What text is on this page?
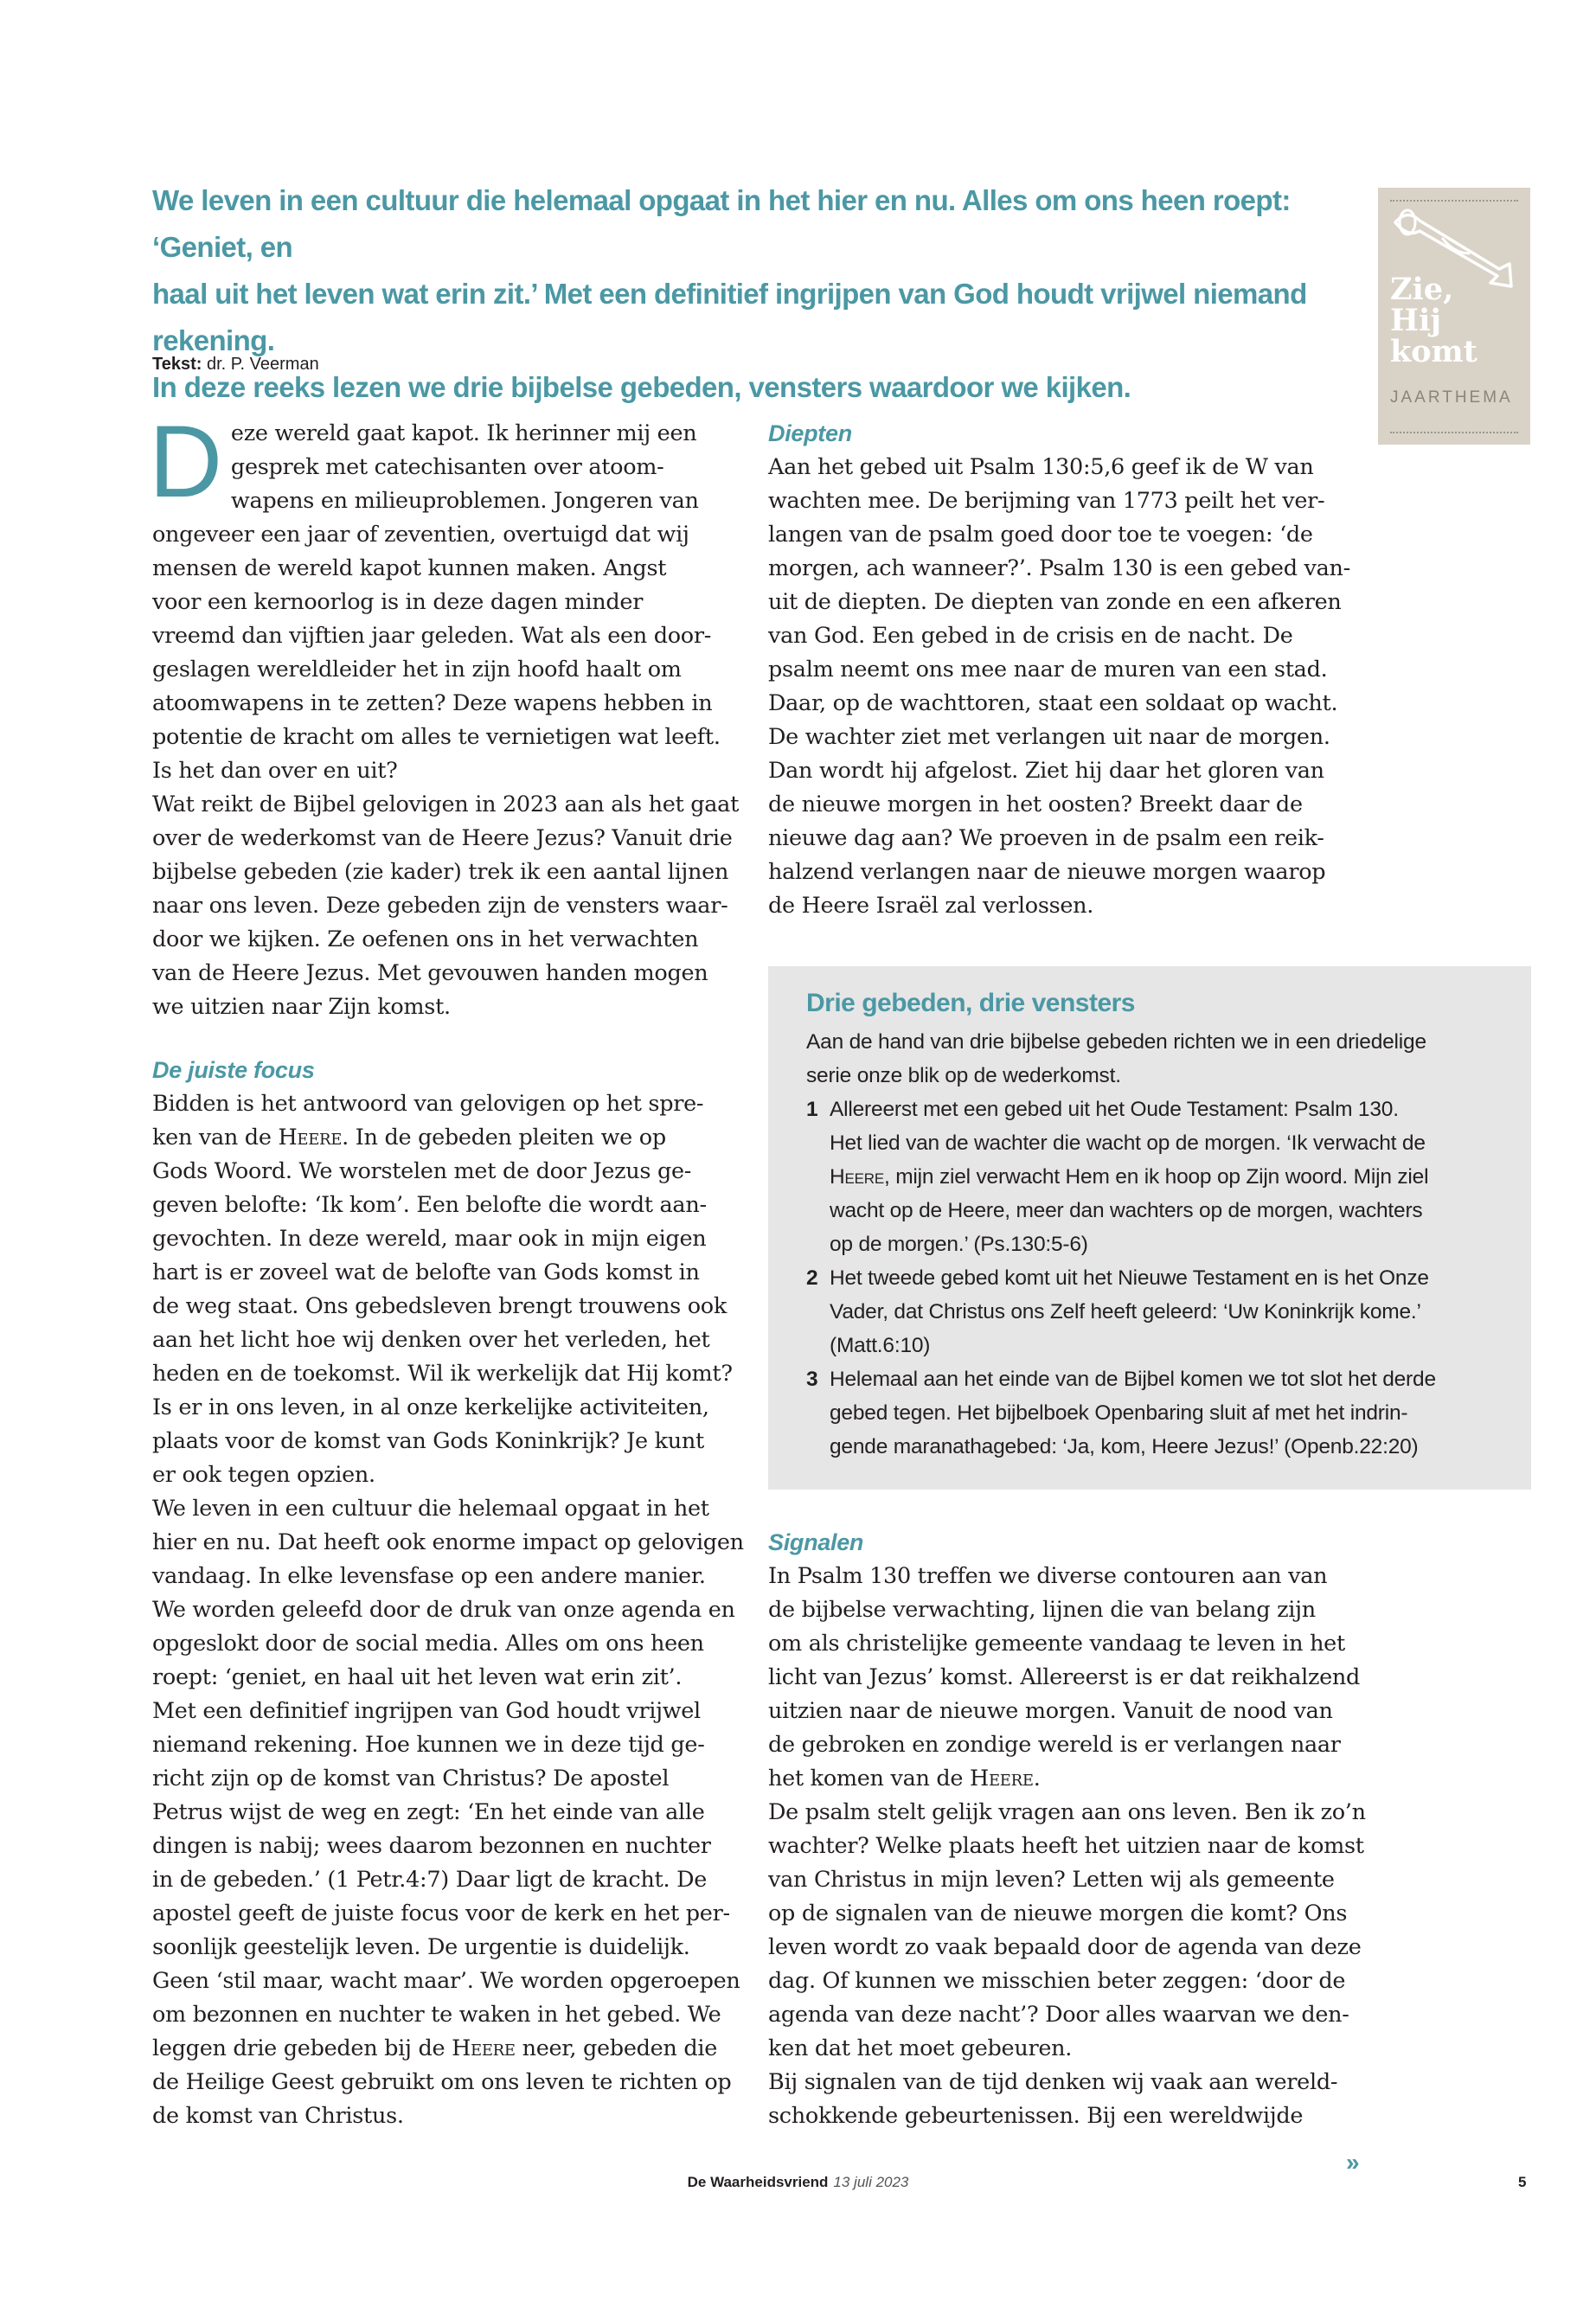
We leven in een cultuur die helemaal opgaat in het hier en nu. Alles om ons heen roept: ‘Geniet, en
haal uit het leven wat erin zit.’ Met een definitief ingrijpen van God houdt vrijwel niemand rekening.
In deze reeks lezen we drie bijbelse gebeden, vensters waardoor we kijken.
Tekst: dr. P. Veerman
Zie,
Hij
komt
JAARTHEMA

D eze wereld gaat kapot. Ik herinner mij een
gesprek met catechisanten over atoom-
wapens en milieuproblemen. Jongeren van
ongeveer een jaar of zeventien, overtuigd dat wij
mensen de wereld kapot kunnen maken. Angst
voor een kernoorlog is in deze dagen minder
vreemd dan vijftien jaar geleden. Wat als een door-
geslagen wereldleider het in zijn hoofd haalt om
atoomwapens in te zetten? Deze wapens hebben in
potentie de kracht om alles te vernietigen wat leeft.
Is het dan over en uit?
Wat reikt de Bijbel gelovigen in 2023 aan als het gaat
over de wederkomst van de Heere Jezus? Vanuit drie
bijbelse gebeden (zie kader) trek ik een aantal lijnen
naar ons leven. Deze gebeden zijn de vensters waar-
door we kijken. Ze oefenen ons in het verwachten
van de Heere Jezus. Met gevouwen handen mogen
we uitzien naar Zijn komst.

De juiste focus

Bidden is het antwoord van gelovigen op het spre-
ken van de Heere. In de gebeden pleiten we op
Gods Woord. We worstelen met de door Jezus ge-
geven belofte: ‘Ik kom’. Een belofte die wordt aan-
gevochten. In deze wereld, maar ook in mijn eigen
hart is er zoveel wat de belofte van Gods komst in
de weg staat. Ons gebedsleven brengt trouwens ook
aan het licht hoe wij denken over het verleden, het
heden en de toekomst. Wil ik werkelijk dat Hij komt?
Is er in ons leven, in al onze kerkelijke activiteiten,
plaats voor de komst van Gods Koninkrijk? Je kunt
er ook tegen opzien.
We leven in een cultuur die helemaal opgaat in het
hier en nu. Dat heeft ook enorme impact op gelovigen
vandaag. In elke levensfase op een andere manier.
We worden geleefd door de druk van onze agenda en
opgeslokt door de social media. Alles om ons heen
roept: ‘geniet, en haal uit het leven wat erin zit’.
Met een definitief ingrijpen van God houdt vrijwel
niemand rekening. Hoe kunnen we in deze tijd ge-
richt zijn op de komst van Christus? De apostel
Petrus wijst de weg en zegt: ‘En het einde van alle
dingen is nabij; wees daarom bezonnen en nuchter
in de gebeden.’ (1 Petr.4:7) Daar ligt de kracht. De
apostel geeft de juiste focus voor de kerk en het per-
soonlijk geestelijk leven. De urgentie is duidelijk.
Geen ‘stil maar, wacht maar’. We worden opgeroepen
om bezonnen en nuchter te waken in het gebed. We
leggen drie gebeden bij de Heere neer, gebeden die
de Heilige Geest gebruikt om ons leven te richten op
de komst van Christus.

Diepten

Aan het gebed uit Psalm 130:5,6 geef ik de W van
wachten mee. De berijming van 1773 peilt het ver-
langen van de psalm goed door toe te voegen: ‘de
morgen, ach wanneer?’. Psalm 130 is een gebed van-
uit de diepten. De diepten van zonde en een afkeren
van God. Een gebed in de crisis en de nacht. De
psalm neemt ons mee naar de muren van een stad.
Daar, op de wachttoren, staat een soldaat op wacht.
De wachter ziet met verlangen uit naar de morgen.
Dan wordt hij afgelost. Ziet hij daar het gloren van
de nieuwe morgen in het oosten? Breekt daar de
nieuwe dag aan? We proeven in de psalm een reik-
halzend verlangen naar de nieuwe morgen waarop
de Heere Israël zal verlossen.

Drie gebeden, drie vensters
Aan de hand van drie bijbelse gebeden richten we in een driedelige
serie onze blik op de wederkomst.
1 Allereerst met een gebed uit het Oude Testament: Psalm 130.
Het lied van de wachter die wacht op de morgen. ‘Ik verwacht de
Heere, mijn ziel verwacht Hem en ik hoop op Zijn woord. Mijn ziel
wacht op de Heere, meer dan wachters op de morgen, wachters
op de morgen.’ (Ps.130:5-6)
2 Het tweede gebed komt uit het Nieuwe Testament en is het Onze
Vader, dat Christus ons Zelf heeft geleerd: ‘Uw Koninkrijk kome.’
(Matt.6:10)
3 Helemaal aan het einde van de Bijbel komen we tot slot het derde
gebed tegen. Het bijbelboek Openbaring sluit af met het indrin-
gende maranathagebed: ‘Ja, kom, Heere Jezus!’ (Openb.22:20)
Signalen

In Psalm 130 treffen we diverse contouren aan van
de bijbelse verwachting, lijnen die van belang zijn
om als christelijke gemeente vandaag te leven in het
licht van Jezus’ komst. Allereerst is er dat reikhalzend
uitzien naar de nieuwe morgen. Vanuit de nood van
de gebroken en zondige wereld is er verlangen naar
het komen van de Heere.
De psalm stelt gelijk vragen aan ons leven. Ben ik zo’n
wachter? Welke plaats heeft het uitzien naar de komst
van Christus in mijn leven? Letten wij als gemeente
op de signalen van de nieuwe morgen die komt? Ons
leven wordt zo vaak bepaald door de agenda van deze
dag. Of kunnen we misschien beter zeggen: ‘door de
agenda van deze nacht’? Door alles waarvan we den-
ken dat het moet gebeuren.
Bij signalen van de tijd denken wij vaak aan wereld-
schokkende gebeurtenissen. Bij een wereldwijde

»
De Waarheidsvriend 13 juli 2023	5
